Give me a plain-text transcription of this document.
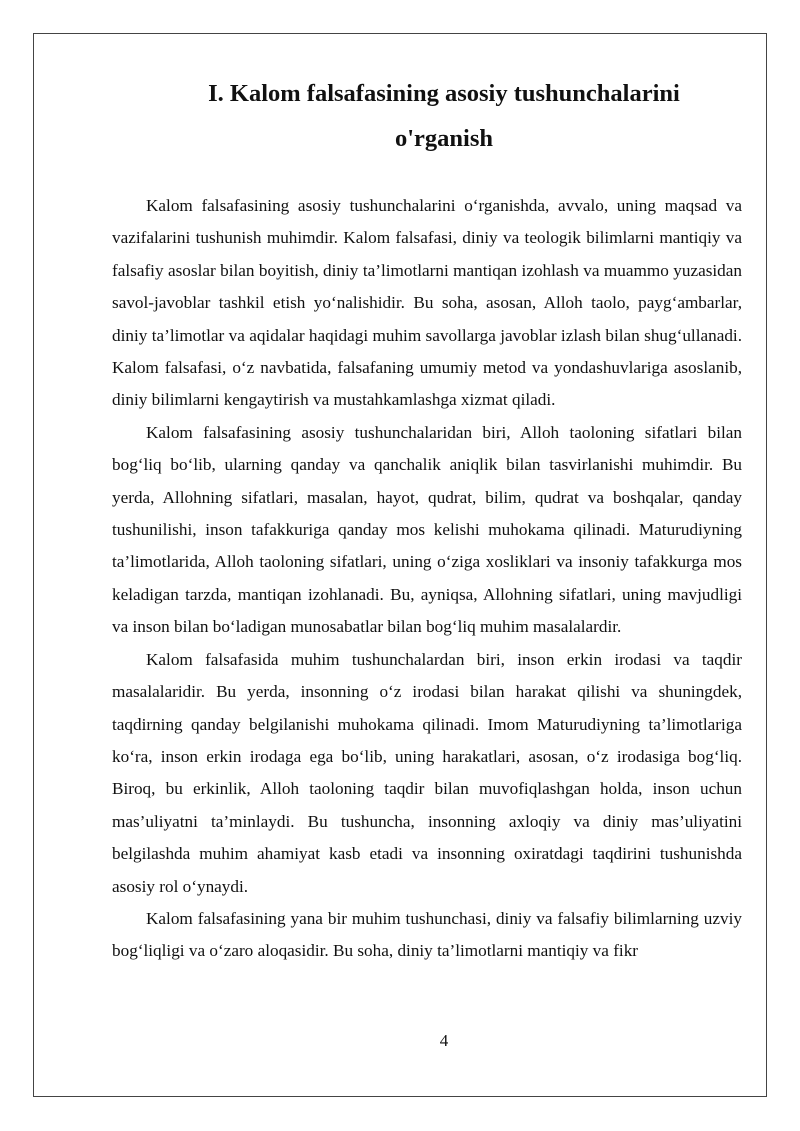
I. Kalom falsafasining asosiy tushunchalarini
o'rganish

Kalom falsafasining asosiy tushunchalarini o‘rganishda, avvalo, uning maqsad va vazifalarini tushunish muhimdir. Kalom falsafasi, diniy va teologik bilimlarni mantiqiy va falsafiy asoslar bilan boyitish, diniy ta’limotlarni mantiqan izohlash va muammo yuzasidan savol-javoblar tashkil etish yo‘nalishidir. Bu soha, asosan, Alloh taolo, payg‘ambarlar, diniy ta’limotlar va aqidalar haqidagi muhim savollarga javoblar izlash bilan shug‘ullanadi. Kalom falsafasi, o‘z navbatida, falsafaning umumiy metod va yondashuvlariga asoslanib, diniy bilimlarni kengaytirish va mustahkamlashga xizmat qiladi.

Kalom falsafasining asosiy tushunchalaridan biri, Alloh taoloning sifatlari bilan bog‘liq bo‘lib, ularning qanday va qanchalik aniqlik bilan tasvirlanishi muhimdir. Bu yerda, Allohning sifatlari, masalan, hayot, qudrat, bilim, qudrat va boshqalar, qanday tushunilishi, inson tafakkuriga qanday mos kelishi muhokama qilinadi. Maturudiyning ta’limotlarida, Alloh taoloning sifatlari, uning o‘ziga xosliklari va insoniy tafakkurga mos keladigan tarzda, mantiqan izohlanadi. Bu, ayniqsa, Allohning sifatlari, uning mavjudligi va inson bilan bo‘ladigan munosabatlar bilan bog‘liq muhim masalalardir.

Kalom falsafasida muhim tushunchalardan biri, inson erkin irodasi va taqdir masalalaridir. Bu yerda, insonning o‘z irodasi bilan harakat qilishi va shuningdek, taqdirning qanday belgilanishi muhokama qilinadi. Imom Maturudiyning ta’limotlariga ko‘ra, inson erkin irodaga ega bo‘lib, uning harakatlari, asosan, o‘z irodasiga bog‘liq. Biroq, bu erkinlik, Alloh taoloning taqdir bilan muvofiqlashgan holda, inson uchun mas’uliyatni ta’minlaydi. Bu tushuncha, insonning axloqiy va diniy mas’uliyatini belgilashda muhim ahamiyat kasb etadi va insonning oxiratdagi taqdirini tushunishda asosiy rol o‘ynaydi.

Kalom falsafasining yana bir muhim tushunchasi, diniy va falsafiy bilimlarning uzviy bog‘liqligi va o‘zaro aloqasidir. Bu soha, diniy ta’limotlarni mantiqiy va fikr

4
